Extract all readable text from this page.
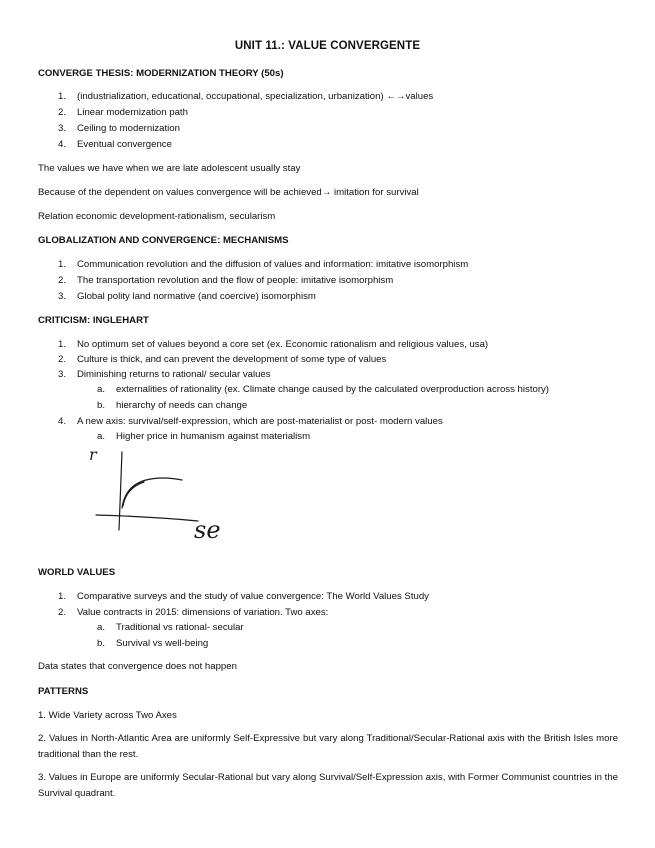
UNIT 11.: VALUE CONVERGENTE
CONVERGE THESIS: MODERNIZATION THEORY (50s)
1. (industrialization, educational, occupational, specialization, urbanization) ←→values
2. Linear modernization path
3. Ceiling to modernization
4. Eventual convergence
The values we have when we are late adolescent usually stay
Because of the dependent on values convergence will be achieved→ imitation for survival
Relation economic development-rationalism, secularism
GLOBALIZATION AND CONVERGENCE: MECHANISMS
1. Communication revolution and the diffusion of values and information: imitative isomorphism
2. The transportation revolution and the flow of people: imitative isomorphism
3. Global polity land normative (and coercive) isomorphism
CRITICISM: INGLEHART
1. No optimum set of values beyond a core set (ex. Economic rationalism and religious values, usa)
2. Culture is thick, and can prevent the development of some type of values
3. Diminishing returns to rational/ secular values
a. externalities of rationality (ex. Climate change caused by the calculated overproduction across history)
b. hierarchy of needs can change
4. A new axis: survival/self-expression, which are post-materialist or post- modern values
a. Higher price in humanism against materialism
r
se
WORLD VALUES
1. Comparative surveys and the study of value convergence: The World Values Study
2. Value contracts in 2015: dimensions of variation. Two axes:
a. Traditional vs rational- secular
b. Survival vs well-being
Data states that convergence does not happen
PATTERNS
1. Wide Variety across Two Axes
2. Values in North-Atlantic Area are uniformly Self-Expressive but vary along Traditional/Secular-Rational axis with the British Isles more traditional than the rest.
3. Values in Europe are uniformly Secular-Rational but vary along Survival/Self-Expression axis, with Former Communist countries in the Survival quadrant.
